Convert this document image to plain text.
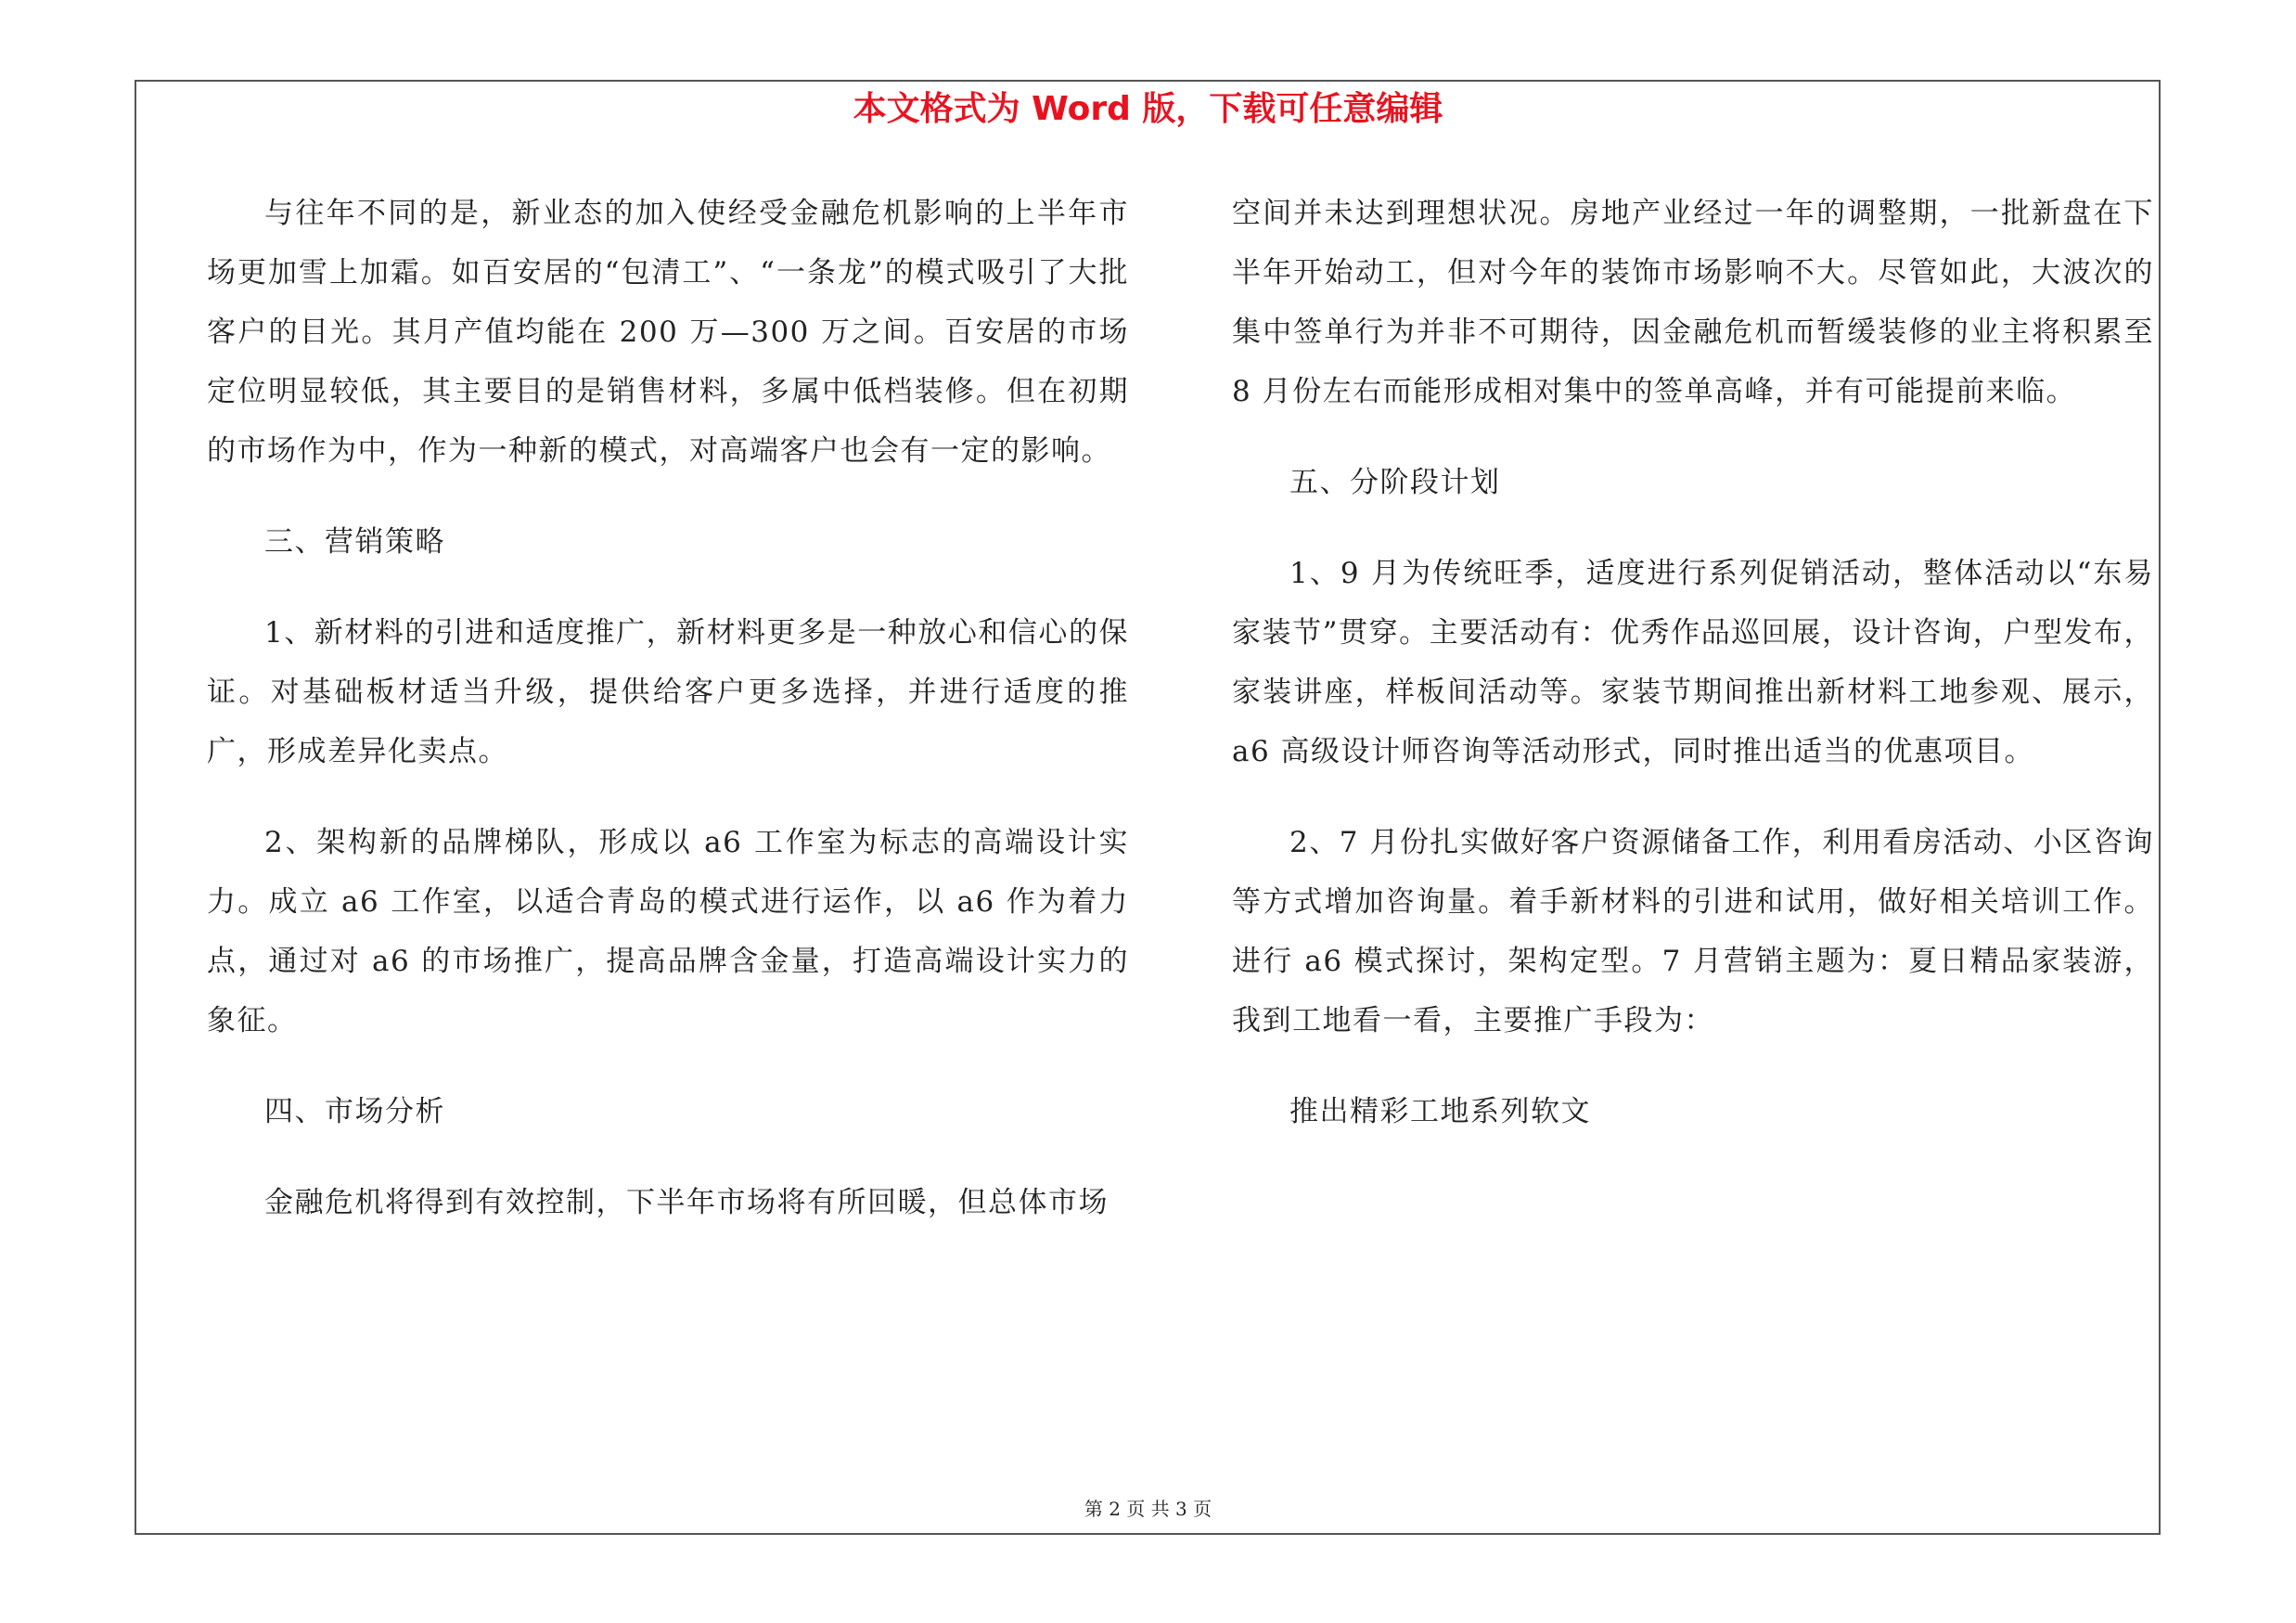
本文格式为 Word 版，下载可任意编辑

与往年不同的是，新业态的加入使经受金融危机影响的上半年市场更加雪上加霜。如百安居的“包清工”、“一条龙”的模式吸引了大批客户的目光。其月产值均能在 200 万—300 万之间。百安居的市场定位明显较低，其主要目的是销售材料，多属中低档装修。但在初期的市场作为中，作为一种新的模式，对高端客户也会有一定的影响。

三、营销策略

1、新材料的引进和适度推广，新材料更多是一种放心和信心的保证。对基础板材适当升级，提供给客户更多选择，并进行适度的推广，形成差异化卖点。

2、架构新的品牌梯队，形成以 a6 工作室为标志的高端设计实力。成立 a6 工作室，以适合青岛的模式进行运作，以 a6 作为着力点，通过对 a6 的市场推广，提高品牌含金量，打造高端设计实力的象征。

四、市场分析

金融危机将得到有效控制，下半年市场将有所回暖，但总体市场

空间并未达到理想状况。房地产业经过一年的调整期，一批新盘在下半年开始动工，但对今年的装饰市场影响不大。尽管如此，大波次的集中签单行为并非不可期待，因金融危机而暂缓装修的业主将积累至 8 月份左右而能形成相对集中的签单高峰，并有可能提前来临。

五、分阶段计划

1、9 月为传统旺季，适度进行系列促销活动，整体活动以“东易家装节”贯穿。主要活动有：优秀作品巡回展，设计咨询，户型发布，家装讲座，样板间活动等。家装节期间推出新材料工地参观、展示，a6 高级设计师咨询等活动形式，同时推出适当的优惠项目。

2、7 月份扎实做好客户资源储备工作，利用看房活动、小区咨询等方式增加咨询量。着手新材料的引进和试用，做好相关培训工作。进行 a6 模式探讨，架构定型。7 月营销主题为：夏日精品家装游，我到工地看一看，主要推广手段为：

推出精彩工地系列软文

第 2 页 共 3 页
